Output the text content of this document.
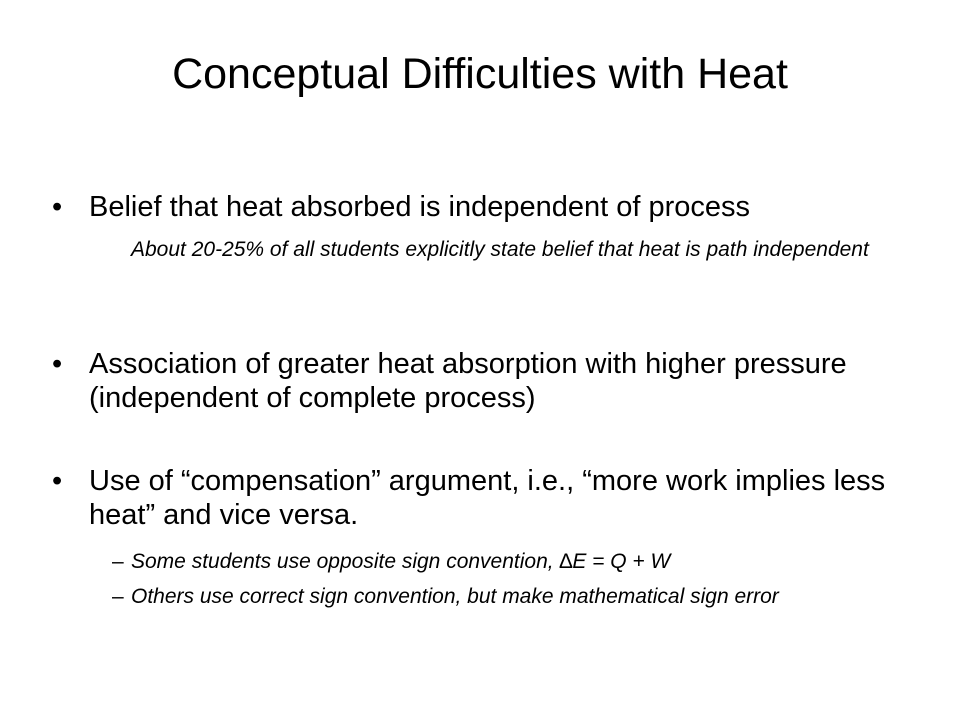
Conceptual Difficulties with Heat
• Belief that heat absorbed is independent of process
About 20-25% of all students explicitly state belief that heat is path independent
• Association of greater heat absorption with higher pressure (independent of complete process)
• Use of “compensation” argument, i.e., “more work implies less heat” and vice versa.
– Some students use opposite sign convention, ∆E = Q + W
– Others use correct sign convention, but make mathematical sign error
